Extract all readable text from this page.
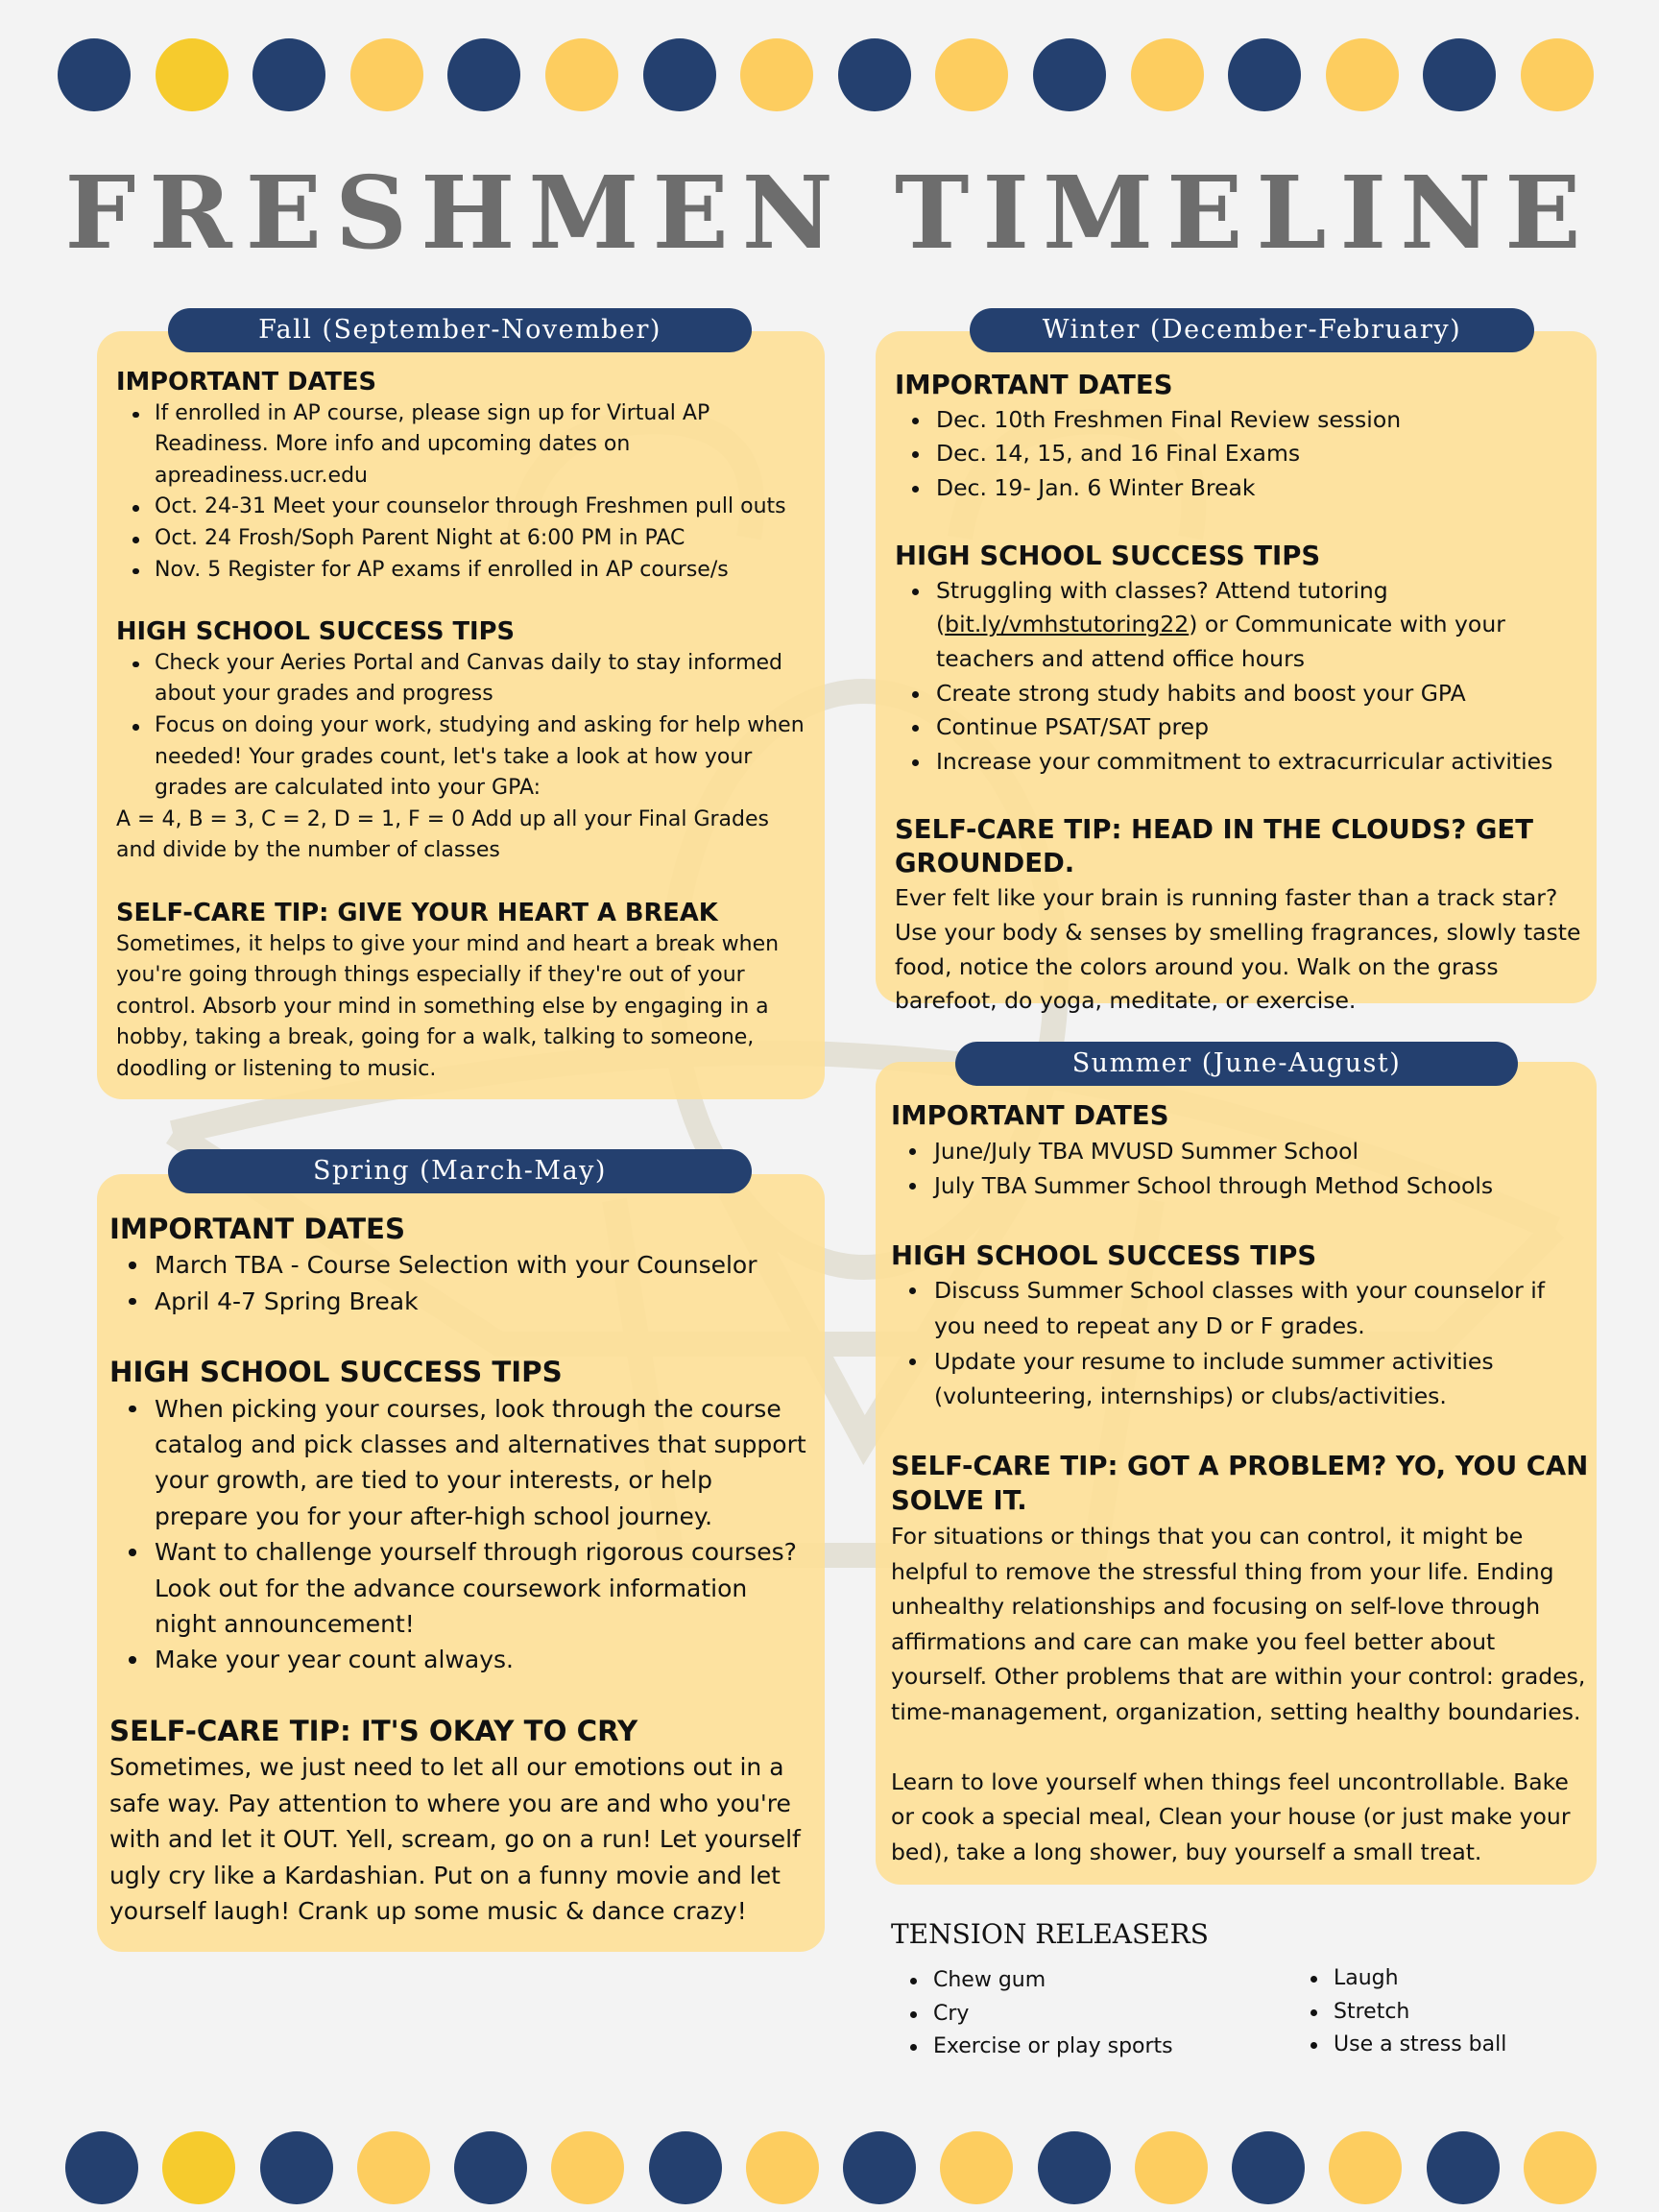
FRESHMEN TIMELINE
Fall (September-November)
IMPORTANT DATES
If enrolled in AP course, please sign up for Virtual AP Readiness. More info and upcoming dates on apreadiness.ucr.edu
Oct. 24-31 Meet your counselor through Freshmen pull outs
Oct. 24 Frosh/Soph Parent Night at 6:00 PM in PAC
Nov. 5 Register for AP exams if enrolled in AP course/s
HIGH SCHOOL SUCCESS TIPS
Check your Aeries Portal and Canvas daily to stay informed about your grades and progress
Focus on doing your work, studying and asking for help when needed! Your grades count, let's take a look at how your grades are calculated into your GPA:

A = 4, B = 3, C = 2, D = 1, F = 0 Add up all your Final Grades and divide by the number of classes

SELF-CARE TIP: GIVE YOUR HEART A BREAK

Sometimes, it helps to give your mind and heart a break when you're going through things especially if they're out of your control. Absorb your mind in something else by engaging in a hobby, taking a break, going for a walk, talking to someone, doodling or listening to music.

Spring (March-May)
IMPORTANT DATES
March TBA - Course Selection with your Counselor
April 4-7 Spring Break
HIGH SCHOOL SUCCESS TIPS
When picking your courses, look through the course catalog and pick classes and alternatives that support your growth, are tied to your interests, or help prepare you for your after-high school journey.
Want to challenge yourself through rigorous courses? Look out for the advance coursework information night announcement!
Make your year count always.
SELF-CARE TIP: IT'S OKAY TO CRY

Sometimes, we just need to let all our emotions out in a safe way. Pay attention to where you are and who you're with and let it OUT. Yell, scream, go on a run! Let yourself ugly cry like a Kardashian. Put on a funny movie and let yourself laugh! Crank up some music & dance crazy!

Winter (December-February)
IMPORTANT DATES
Dec. 10th Freshmen Final Review session
Dec. 14, 15, and 16 Final Exams
Dec. 19- Jan. 6 Winter Break
HIGH SCHOOL SUCCESS TIPS
Struggling with classes? Attend tutoring (bit.ly/vmhstutoring22) or Communicate with your teachers and attend office hours
Create strong study habits and boost your GPA
Continue PSAT/SAT prep
Increase your commitment to extracurricular activities
SELF-CARE TIP: HEAD IN THE CLOUDS? GET GROUNDED.

Ever felt like your brain is running faster than a track star? Use your body & senses by smelling fragrances, slowly taste food, notice the colors around you. Walk on the grass barefoot, do yoga, meditate, or exercise.

Summer (June-August)
IMPORTANT DATES
June/July TBA MVUSD Summer School
July TBA Summer School through Method Schools
HIGH SCHOOL SUCCESS TIPS
Discuss Summer School classes with your counselor if you need to repeat any D or F grades.
Update your resume to include summer activities (volunteering, internships) or clubs/activities.
SELF-CARE TIP: GOT A PROBLEM? YO, YOU CAN SOLVE IT.

For situations or things that you can control, it might be helpful to remove the stressful thing from your life. Ending unhealthy relationships and focusing on self-love through affirmations and care can make you feel better about yourself. Other problems that are within your control: grades, time-management, organization, setting healthy boundaries.

Learn to love yourself when things feel uncontrollable. Bake or cook a special meal, Clean your house (or just make your bed), take a long shower, buy yourself a small treat.

TENSION RELEASERS
Chew gum
Cry
Exercise or play sports
Laugh
Stretch
Use a stress ball
